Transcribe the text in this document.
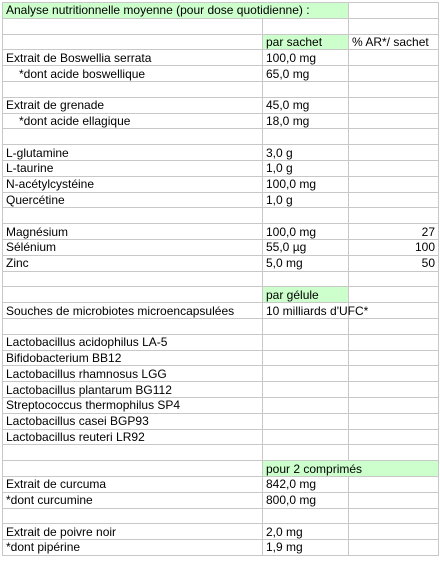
Analyse nutritionnelle moyenne (pour dose quotidienne) :		

	par sachet	% AR*/ sachet
Extrait de Boswellia serrata	100,0 mg	
*dont acide boswellique	65,0 mg	

Extrait de grenade	45,0 mg	
*dont acide ellagique	18,0 mg	

L-glutamine	3,0 g	
L-taurine	1,0 g	
N-acétylcystéine	100,0 mg	
Quercétine	1,0 g	

Magnésium	100,0 mg	27
Sélénium	55,0 µg	100
Zinc	5,0 mg	50

	par gélule	
Souches de microbiotes microencapsulées	10 milliards d'UFC*	

Lactobacillus acidophilus LA-5		
Bifidobacterium BB12		
Lactobacillus rhamnosus LGG		
Lactobacillus plantarum BG112		
Streptococcus thermophilus SP4		
Lactobacillus casei BGP93		
Lactobacillus reuteri LR92		

	pour 2 comprimés	
Extrait de curcuma	842,0 mg	
*dont curcumine	800,0 mg	

Extrait de poivre noir	2,0 mg	
*dont pipérine	1,9 mg	
